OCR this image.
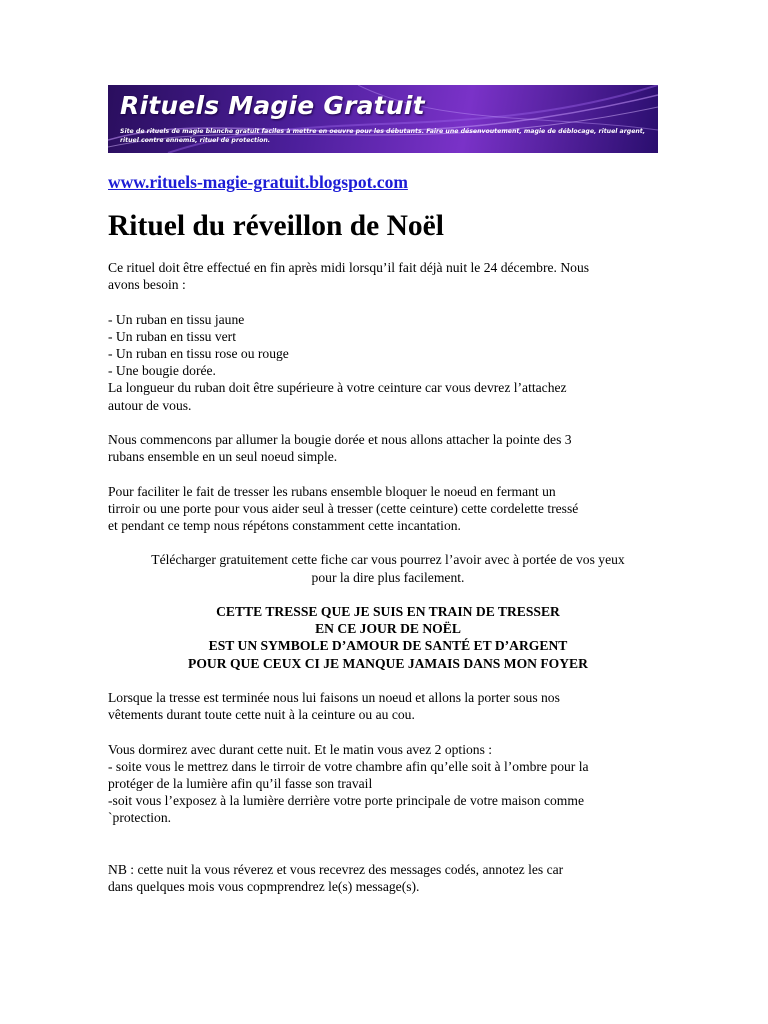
Rituels Magie Gratuit
Site de rituels de magie blanche gratuit faciles à mettre en oeuvre pour les débutants. Faire une désenvoutement, magie de déblocage, rituel argent, rituel contre ennemis, rituel de protection.
www.rituels-magie-gratuit.blogspot.com
Rituel du réveillon de Noël

Ce rituel doit être effectué en fin après midi lorsqu’il fait déjà nuit le 24 décembre. Nous

avons besoin :

- Un ruban en tissu jaune

- Un ruban en tissu vert

- Un ruban en tissu rose ou rouge

- Une bougie dorée.

La longueur du ruban doit être supérieure à votre ceinture car vous devrez l’attachez

autour de vous.

Nous commencons par allumer la bougie dorée et nous allons attacher la pointe des 3

rubans ensemble en un seul noeud simple.

Pour faciliter le fait de tresser les rubans ensemble bloquer le noeud en fermant un

tirroir ou une porte pour vous aider seul à tresser (cette ceinture) cette cordelette tressé

et pendant ce temp nous répétons constamment cette incantation.

Télécharger gratuitement cette fiche car vous pourrez l’avoir avec à portée de vos yeux

pour la dire plus facilement.

CETTE TRESSE QUE JE SUIS EN TRAIN DE TRESSER

EN CE JOUR DE NOËL

EST UN SYMBOLE D’AMOUR DE SANTÉ ET D’ARGENT

POUR QUE CEUX CI JE MANQUE JAMAIS DANS MON FOYER

Lorsque la tresse est terminée nous lui faisons un noeud et allons la porter sous nos

vêtements durant toute cette nuit à la ceinture ou au cou.

Vous dormirez avec durant cette nuit. Et le matin vous avez 2 options :

- soite vous le mettrez dans le tirroir de votre chambre afin qu’elle soit à l’ombre pour la

protéger de la lumière afin qu’il fasse son travail

-soit vous l’exposez à la lumière derrière votre porte principale de votre maison comme

`protection.

NB : cette nuit la vous réverez et vous recevrez des messages codés, annotez les car

dans quelques mois vous copmprendrez le(s) message(s).
